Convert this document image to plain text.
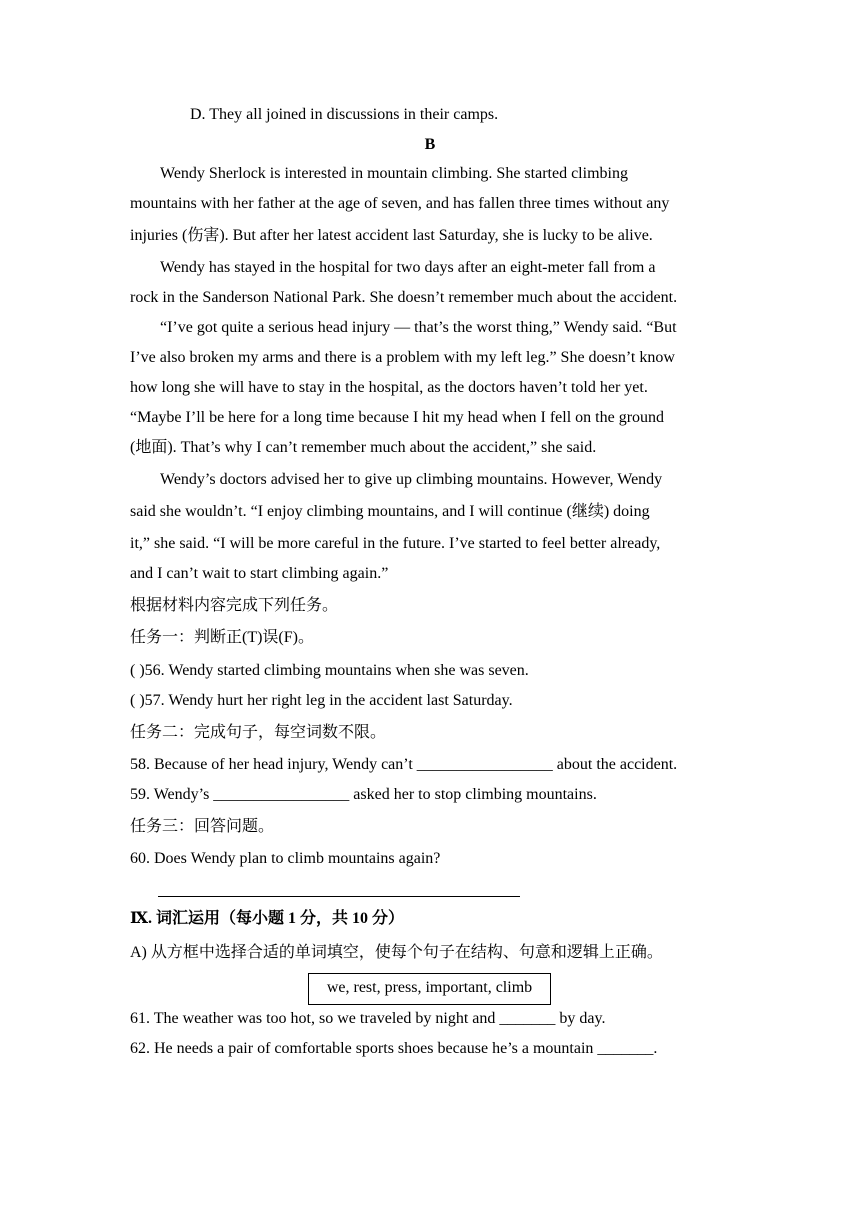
D. They all joined in discussions in their camps.
B
Wendy Sherlock is interested in mountain climbing. She started climbing
mountains with her father at the age of seven, and has fallen three times without any
injuries (伤害). But after her latest accident last Saturday, she is lucky to be alive.
Wendy has stayed in the hospital for two days after an eight-meter fall from a
rock in the Sanderson National Park. She doesn’t remember much about the accident.
“I’ve got quite a serious head injury — that’s the worst thing,” Wendy said. “But
I’ve also broken my arms and there is a problem with my left leg.” She doesn’t know
how long she will have to stay in the hospital, as the doctors haven’t told her yet.
“Maybe I’ll be here for a long time because I hit my head when I fell on the ground
(地面). That’s why I can’t remember much about the accident,” she said.
Wendy’s doctors advised her to give up climbing mountains. However, Wendy
said she wouldn’t. “I enjoy climbing mountains, and I will continue (继续) doing
it,” she said. “I will be more careful in the future. I’ve started to feel better already,
and I can’t wait to start climbing again.”
根据材料内容完成下列任务。
任务一：判断正(T)误(F)。
( )56. Wendy started climbing mountains when she was seven.
( )57. Wendy hurt her right leg in the accident last Saturday.
任务二：完成句子，每空词数不限。
58. Because of her head injury, Wendy can’t _________________ about the accident.
59. Wendy’s _________________ asked her to stop climbing mountains.
任务三：回答问题。
60. Does Wendy plan to climb mountains again?
Ⅸ. 词汇运用（每小题 1 分，共 10 分）
A) 从方框中选择合适的单词填空，使每个句子在结构、句意和逻辑上正确。
we, rest, press, important, climb
61. The weather was too hot, so we traveled by night and _______ by day.
62. He needs a pair of comfortable sports shoes because he’s a mountain _______.
